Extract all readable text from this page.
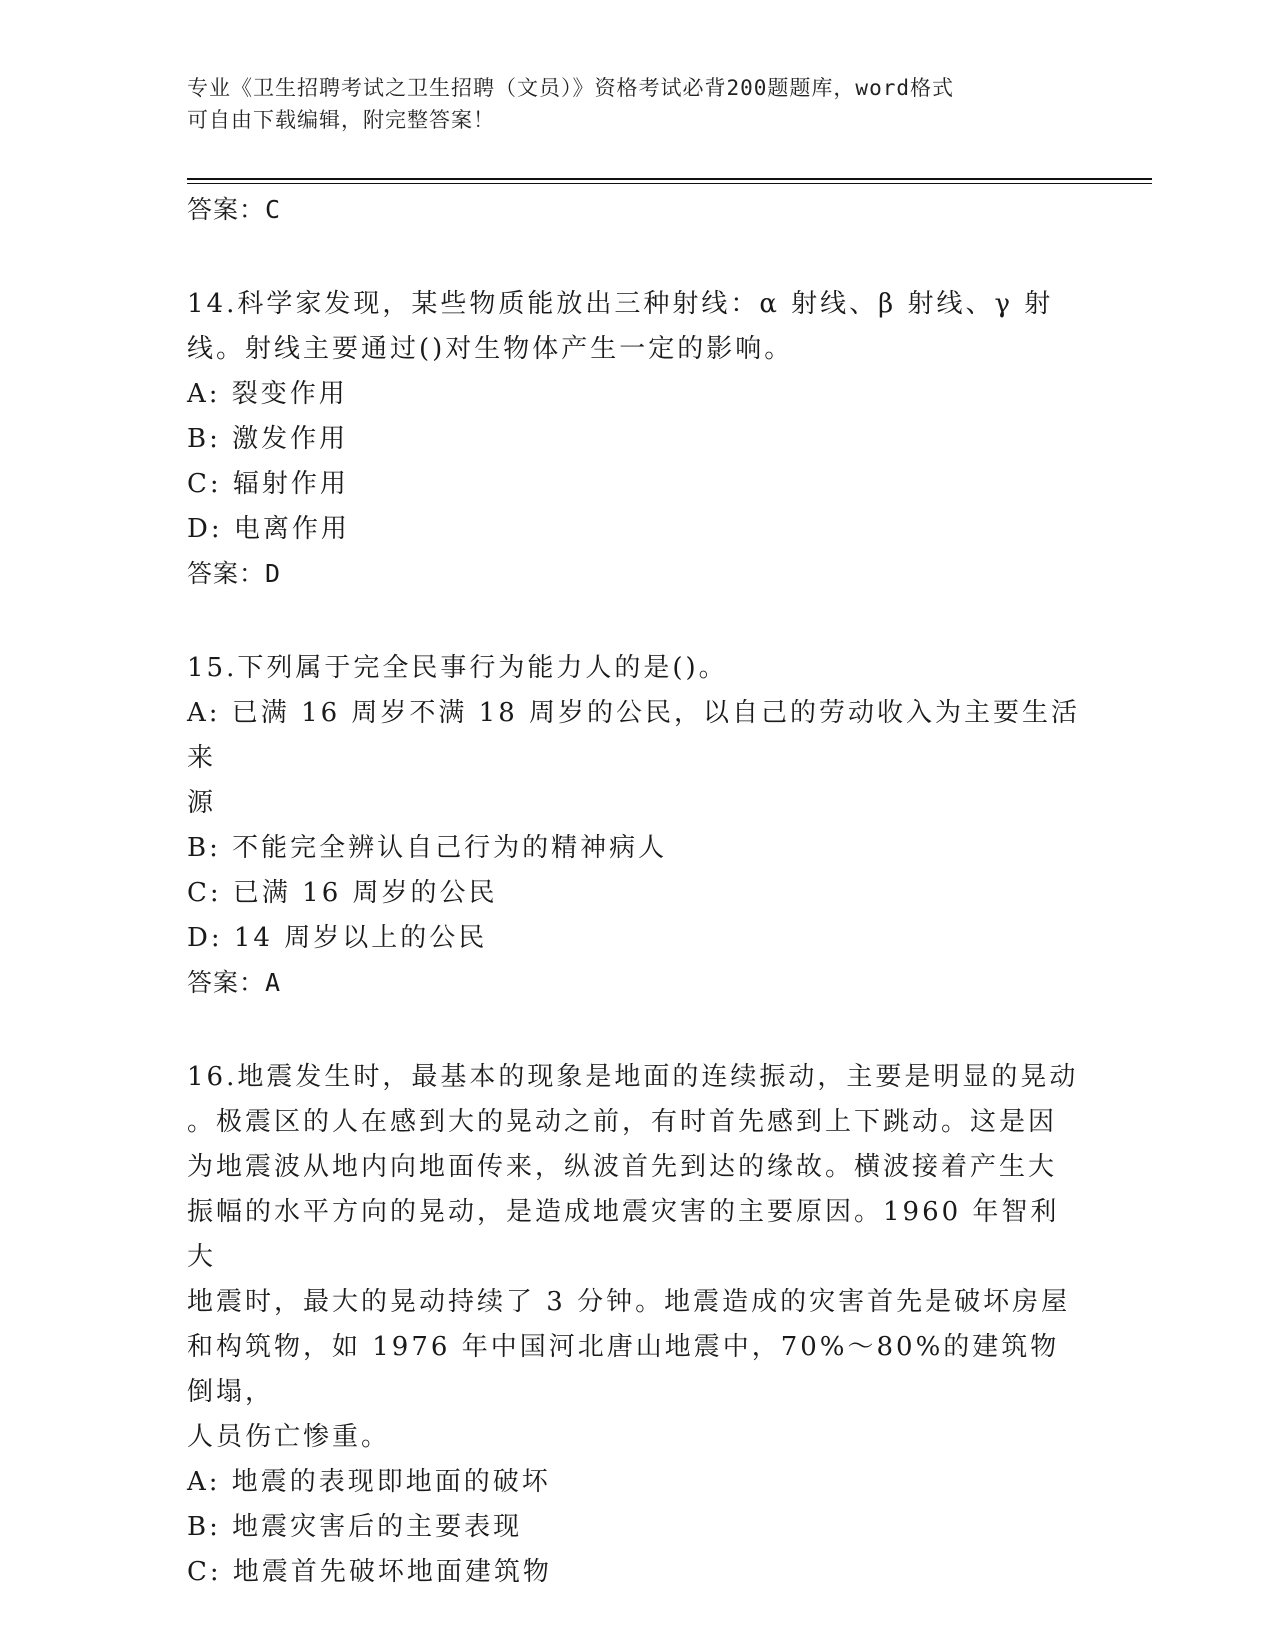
专业《卫生招聘考试之卫生招聘（文员）》资格考试必背200题题库，word格式
可自由下载编辑，附完整答案！
答案：C
14.科学家发现，某些物质能放出三种射线：α 射线、β 射线、γ 射
线。射线主要通过()对生物体产生一定的影响。
A: 裂变作用
B: 激发作用
C: 辐射作用
D: 电离作用
答案：D
15.下列属于完全民事行为能力人的是()。
A: 已满 16 周岁不满 18 周岁的公民，以自己的劳动收入为主要生活来
源
B: 不能完全辨认自己行为的精神病人
C: 已满 16 周岁的公民
D: 14 周岁以上的公民
答案：A
16.地震发生时，最基本的现象是地面的连续振动，主要是明显的晃动
。极震区的人在感到大的晃动之前，有时首先感到上下跳动。这是因
为地震波从地内向地面传来，纵波首先到达的缘故。横波接着产生大
振幅的水平方向的晃动，是造成地震灾害的主要原因。1960 年智利大
地震时，最大的晃动持续了 3 分钟。地震造成的灾害首先是破坏房屋
和构筑物，如 1976 年中国河北唐山地震中，70%～80%的建筑物倒塌，
人员伤亡惨重。
A: 地震的表现即地面的破坏
B: 地震灾害后的主要表现
C: 地震首先破坏地面建筑物
